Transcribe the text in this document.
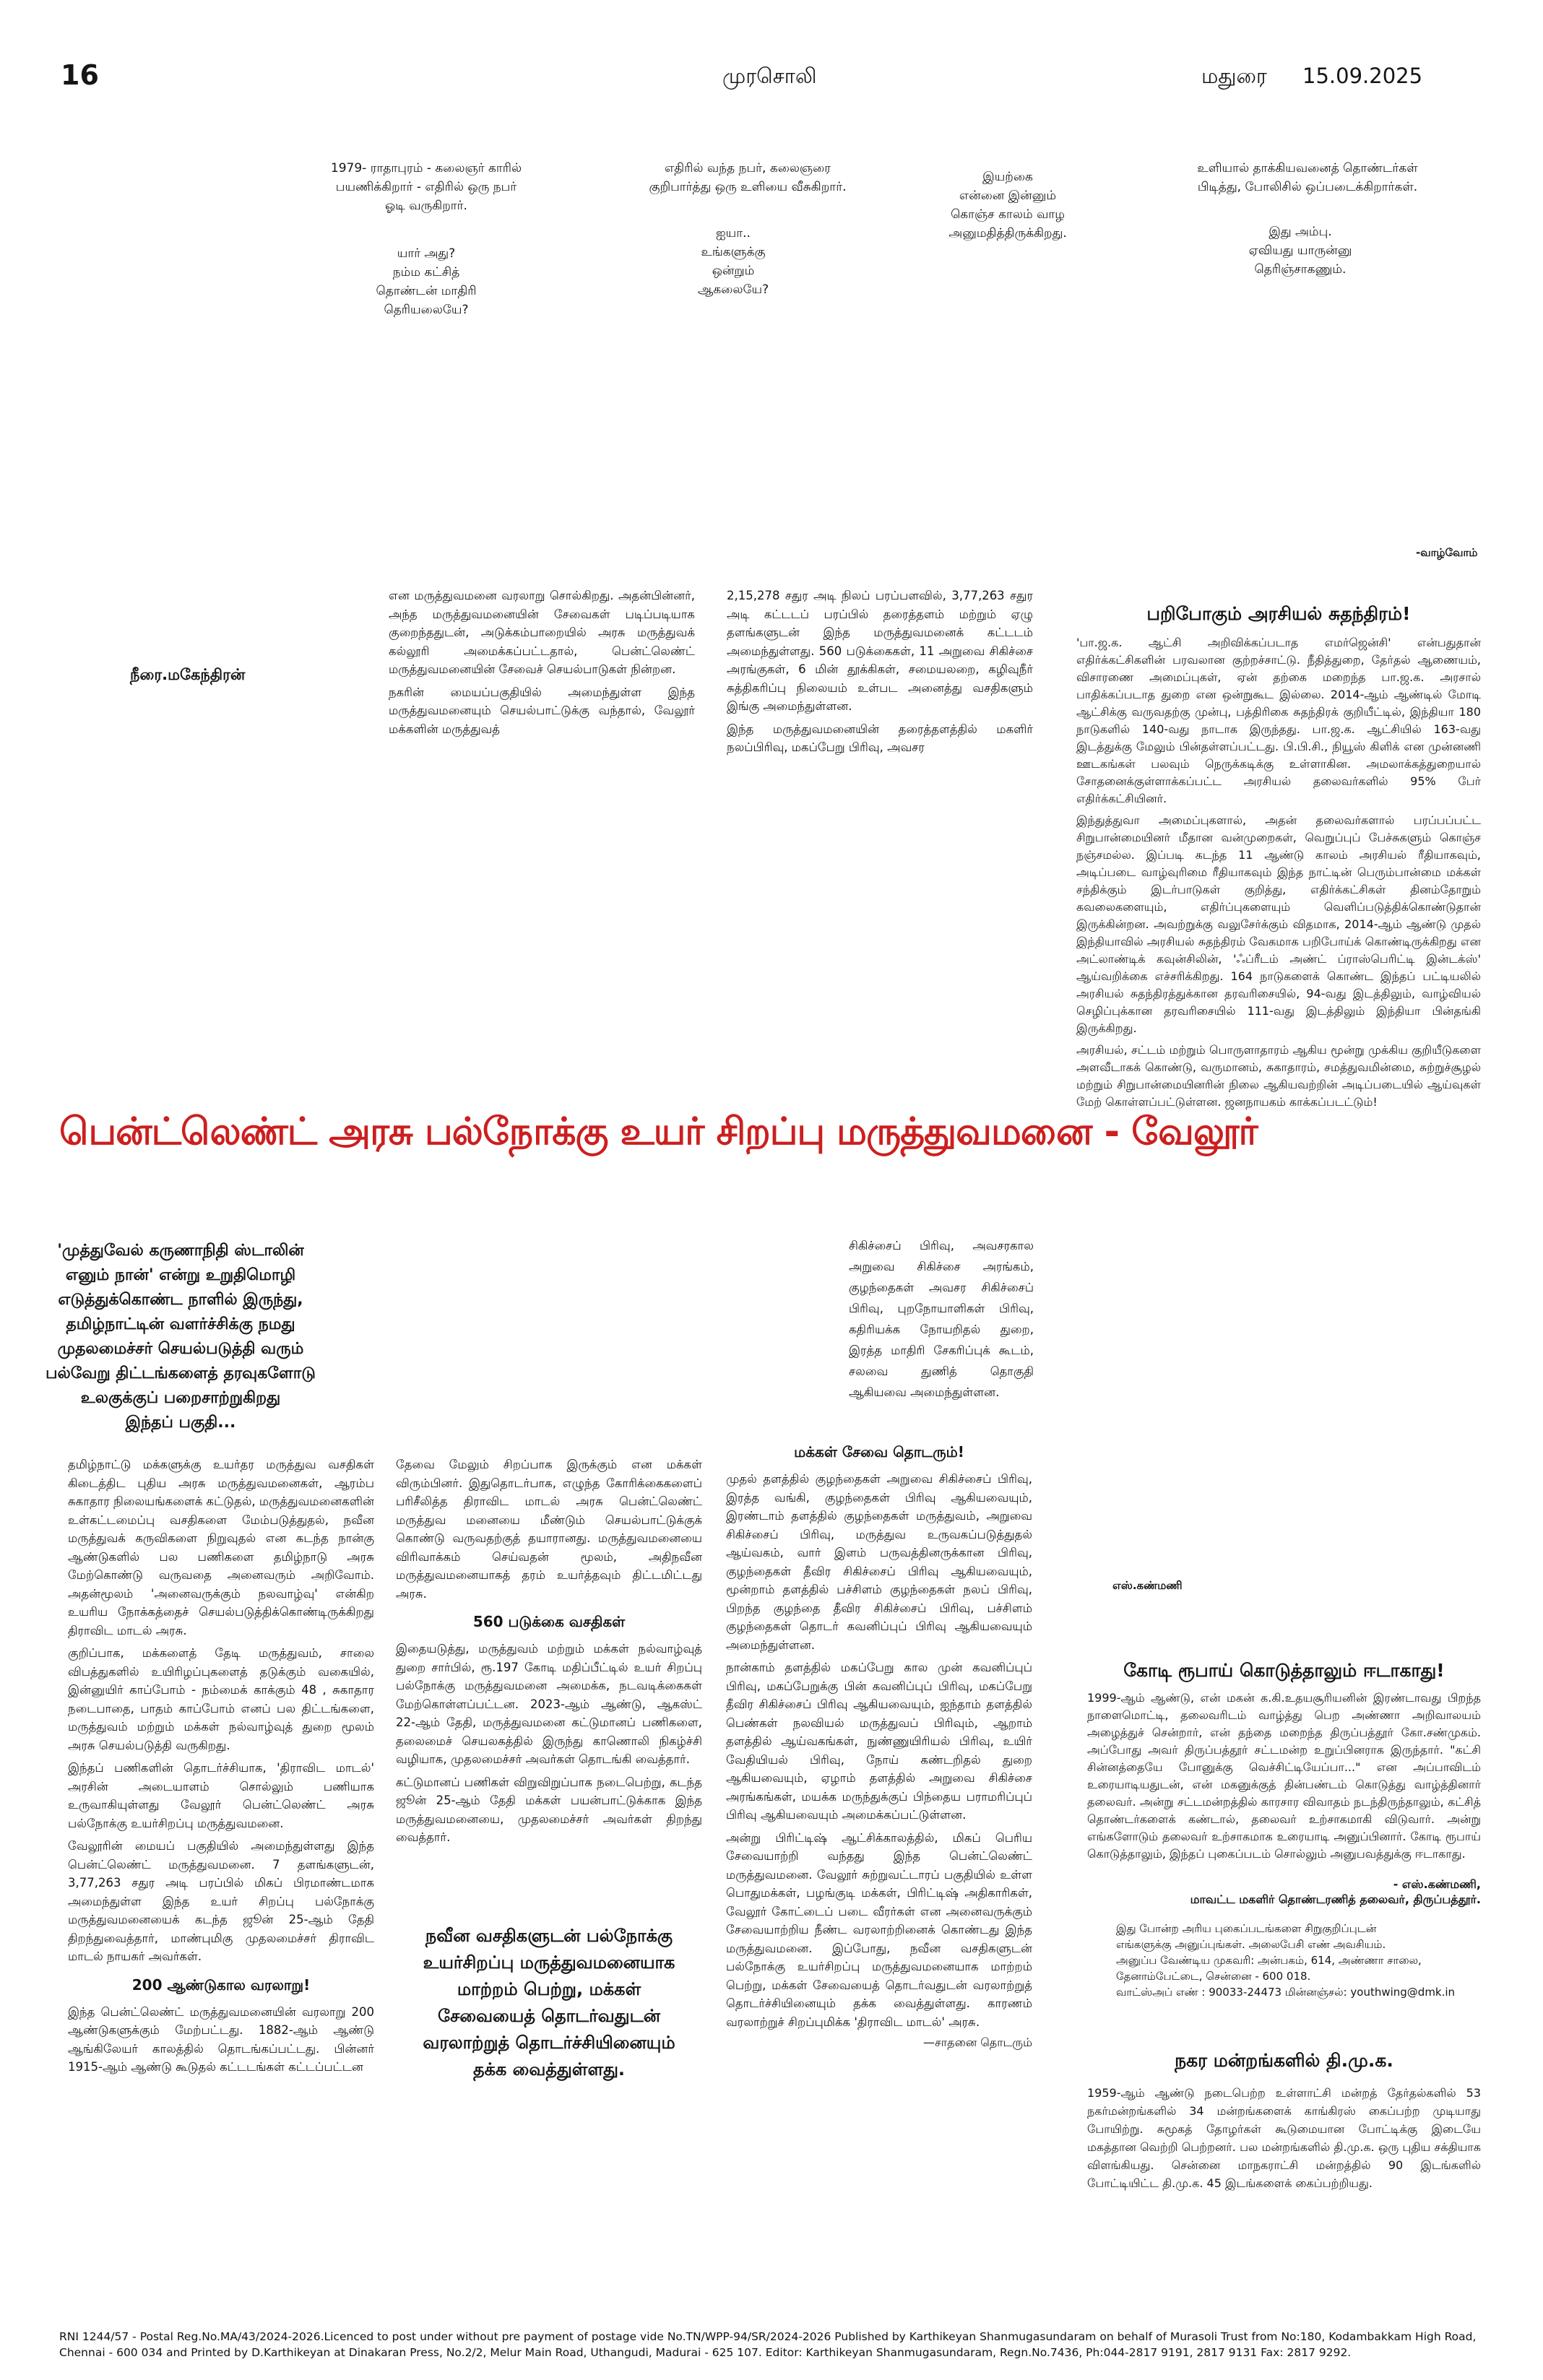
16	முரசொலி	மதுரை 15.09.2025
1979- ராதாபுரம் - கலைஞர் காரில்
பயணிக்கிறார் - எதிரில் ஒரு நபர்
ஓடி வருகிறார்.
யார் அது?
நம்ம கட்சித்
தொண்டன் மாதிரி
தெரியலையே?
எதிரில் வந்த நபர், கலைஞரை
குறிபார்த்து ஒரு உளியை வீசுகிறார்.
ஐயா..
உங்களுக்கு
ஒன்றும்
ஆகலையே?
இயற்கை
என்னை இன்னும்
கொஞ்ச காலம் வாழ
அனுமதித்திருக்கிறது.
உளியால் தாக்கியவனைத் தொண்டர்கள்
பிடித்து, போலிசில் ஒப்படைக்கிறார்கள்.
இது அம்பு.
ஏவியது யாருன்னு
தெரிஞ்சாகணும்.
-வாழ்வோம்
நீரை.மகேந்திரன்

என மருத்துவமனை வரலாறு சொல்கிறது. அதன்பின்னர், அந்த மருத்துவமனையின் சேவைகள் படிப்படியாக குறைந்ததுடன், அடுக்கம்பாறையில் அரசு மருத்துவக் கல்லூரி அமைக்கப்பட்டதால், பென்ட்லெண்ட் மருத்துவமனையின் சேவைச் செயல்பாடுகள் நின்றன.

நகரின் மையப்பகுதியில் அமைந்துள்ள இந்த மருத்துவமனையும் செயல்பாட்டுக்கு வந்தால், வேலூர் மக்களின் மருத்துவத்

2,15,278 சதுர அடி நிலப் பரப்பளவில், 3,77,263 சதுர அடி கட்டடப் பரப்பில் தரைத்தளம் மற்றும் ஏழு தளங்களுடன் இந்த மருத்துவமனைக் கட்டடம் அமைந்துள்ளது. 560 படுக்கைகள், 11 அறுவை சிகிச்சை அரங்குகள், 6 மின் தூக்கிகள், சமையலறை, கழிவுநீர் சுத்திகரிப்பு நிலையம் உள்பட அனைத்து வசதிகளும் இங்கு அமைந்துள்ளன.

இந்த மருத்துவமனையின் தரைத்தளத்தில் மகளிர் நலப்பிரிவு, மகப்பேறு பிரிவு, அவசர

பென்ட்லெண்ட் அரசு பல்நோக்கு உயர் சிறப்பு மருத்துவமனை - வேலூர்
'முத்துவேல் கருணாநிதி ஸ்டாலின்
எனும் நான்' என்று உறுதிமொழி
எடுத்துக்கொண்ட நாளில் இருந்து,
தமிழ்நாட்டின் வளர்ச்சிக்கு நமது
முதலமைச்சர் செயல்படுத்தி வரும்
பல்வேறு திட்டங்களைத் தரவுகளோடு
உலகுக்குப் பறைசாற்றுகிறது
இந்தப் பகுதி...

சிகிச்சைப் பிரிவு, அவசரகால அறுவை சிகிச்சை அரங்கம், குழந்தைகள் அவசர சிகிச்சைப் பிரிவு, புறநோயாளிகள் பிரிவு, கதிரியக்க நோயறிதல் துறை, இரத்த மாதிரி சேகரிப்புக் கூடம், சலவை துணித் தொகுதி ஆகியவை அமைந்துள்ளன.

தமிழ்நாட்டு மக்களுக்கு உயர்தர மருத்துவ வசதிகள் கிடைத்திட புதிய அரசு மருத்துவமனைகள், ஆரம்ப சுகாதார நிலையங்களைக் கட்டுதல், மருத்துவமனைகளின் உள்கட்டமைப்பு வசதிகளை மேம்படுத்துதல், நவீன மருத்துவக் கருவிகளை நிறுவுதல் என கடந்த நான்கு ஆண்டுகளில் பல பணிகளை தமிழ்நாடு அரசு மேற்கொண்டு வருவதை அனைவரும் அறிவோம். அதன்மூலம் 'அனைவருக்கும் நலவாழ்வு' என்கிற உயரிய நோக்கத்தைச் செயல்படுத்திக்கொண்டிருக்கிறது திராவிட மாடல் அரசு.

குறிப்பாக, மக்களைத் தேடி மருத்துவம், சாலை விபத்துகளில் உயிரிழப்புகளைத் தடுக்கும் வகையில், இன்னுயிர் காப்போம் - நம்மைக் காக்கும் 48 , சுகாதார நடைபாதை, பாதம் காப்போம் எனப் பல திட்டங்களை, மருத்துவம் மற்றும் மக்கள் நல்வாழ்வுத் துறை மூலம் அரசு செயல்படுத்தி வருகிறது.

இந்தப் பணிகளின் தொடர்ச்சியாக, 'திராவிட மாடல்' அரசின் அடையாளம் சொல்லும் பணியாக உருவாகியுள்ளது வேலூர் பென்ட்லெண்ட் அரசு பல்நோக்கு உயர்சிறப்பு மருத்துவமனை.

வேலூரின் மையப் பகுதியில் அமைந்துள்ளது இந்த பென்ட்லெண்ட் மருத்துவமனை. 7 தளங்களுடன், 3,77,263 சதுர அடி பரப்பில் மிகப் பிரமாண்டமாக அமைந்துள்ள இந்த உயர் சிறப்பு பல்நோக்கு மருத்துவமனையைக் கடந்த ஜூன் 25-ஆம் தேதி திறந்துவைத்தார், மாண்புமிகு முதலமைச்சர் திராவிட மாடல் நாயகர் அவர்கள்.

200 ஆண்டுகால வரலாறு!

இந்த பென்ட்லெண்ட் மருத்துவமனையின் வரலாறு 200 ஆண்டுகளுக்கும் மேற்பட்டது. 1882-ஆம் ஆண்டு ஆங்கிலேயர் காலத்தில் தொடங்கப்பட்டது. பின்னர் 1915-ஆம் ஆண்டு கூடுதல் கட்டடங்கள் கட்டப்பட்டன

தேவை மேலும் சிறப்பாக இருக்கும் என மக்கள் விரும்பினர். இதுதொடர்பாக, எழுந்த கோரிக்கைகளைப் பரிசீலித்த திராவிட மாடல் அரசு பென்ட்லெண்ட் மருத்துவ மனையை மீண்டும் செயல்பாட்டுக்குக் கொண்டு வருவதற்குத் தயாரானது. மருத்துவமனையை விரிவாக்கம் செய்வதன் மூலம், அதிநவீன மருத்துவமனையாகத் தரம் உயர்த்தவும் திட்டமிட்டது அரசு.

560 படுக்கை வசதிகள்

இதையடுத்து, மருத்துவம் மற்றும் மக்கள் நல்வாழ்வுத் துறை சார்பில், ரூ.197 கோடி மதிப்பீட்டில் உயர் சிறப்பு பல்நோக்கு மருத்துவமனை அமைக்க, நடவடிக்கைகள் மேற்கொள்ளப்பட்டன. 2023-ஆம் ஆண்டு, ஆகஸ்ட் 22-ஆம் தேதி, மருத்துவமனை கட்டுமானப் பணிகளை, தலைமைச் செயலகத்தில் இருந்து காணொலி நிகழ்ச்சி வழியாக, முதலமைச்சர் அவர்கள் தொடங்கி வைத்தார்.

கட்டுமானப் பணிகள் விறுவிறுப்பாக நடைபெற்று, கடந்த ஜூன் 25-ஆம் தேதி மக்கள் பயன்பாட்டுக்காக இந்த மருத்துவமனையை, முதலமைச்சர் அவர்கள் திறந்து வைத்தார்.

நவீன வசதிகளுடன் பல்நோக்கு
உயர்சிறப்பு மருத்துவமனையாக
மாற்றம் பெற்று, மக்கள்
சேவையைத் தொடர்வதுடன்
வரலாற்றுத் தொடர்ச்சியினையும்
தக்க வைத்துள்ளது.
மக்கள் சேவை தொடரும்!

முதல் தளத்தில் குழந்தைகள் அறுவை சிகிச்சைப் பிரிவு, இரத்த வங்கி, குழந்தைகள் பிரிவு ஆகியவையும், இரண்டாம் தளத்தில் குழந்தைகள் மருத்துவம், அறுவை சிகிச்சைப் பிரிவு, மருத்துவ உருவகப்படுத்துதல் ஆய்வகம், வார் இளம் பருவத்தினருக்கான பிரிவு, குழந்தைகள் தீவிர சிகிச்சைப் பிரிவு ஆகியவையும், மூன்றாம் தளத்தில் பச்சிளம் குழந்தைகள் நலப் பிரிவு, பிறந்த குழந்தை தீவிர சிகிச்சைப் பிரிவு, பச்சிளம் குழந்தைகள் தொடர் கவனிப்புப் பிரிவு ஆகியவையும் அமைந்துள்ளன.

நான்காம் தளத்தில் மகப்பேறு கால முன் கவனிப்புப் பிரிவு, மகப்பேறுக்கு பின் கவனிப்புப் பிரிவு, மகப்பேறு தீவிர சிகிச்சைப் பிரிவு ஆகியவையும், ஐந்தாம் தளத்தில் பெண்கள் நலவியல் மருத்துவப் பிரிவும், ஆறாம் தளத்தில் ஆய்வகங்கள், நுண்ணுயிரியல் பிரிவு, உயிர் வேதியியல் பிரிவு, நோய் கண்டறிதல் துறை ஆகியவையும், ஏழாம் தளத்தில் அறுவை சிகிச்சை அரங்கங்கள், மயக்க மருந்துக்குப் பிந்தைய பராமரிப்புப் பிரிவு ஆகியவையும் அமைக்கப்பட்டுள்ளன.

அன்று பிரிட்டிஷ் ஆட்சிக்காலத்தில், மிகப் பெரிய சேவையாற்றி வந்தது இந்த பென்ட்லெண்ட் மருத்துவமனை. வேலூர் சுற்றுவட்டாரப் பகுதியில் உள்ள பொதுமக்கள், பழங்குடி மக்கள், பிரிட்டிஷ் அதிகாரிகள், வேலூர் கோட்டைப் படை வீரர்கள் என அனைவருக்கும் சேவையாற்றிய நீண்ட வரலாற்றினைக் கொண்டது இந்த மருத்துவமனை. இப்போது, நவீன வசதிகளுடன் பல்நோக்கு உயர்சிறப்பு மருத்துவமனையாக மாற்றம் பெற்று, மக்கள் சேவையைத் தொடர்வதுடன் வரலாற்றுத் தொடர்ச்சியினையும் தக்க வைத்துள்ளது. காரணம் வரலாற்றுச் சிறப்புமிக்க 'திராவிட மாடல்' அரசு.

—சாதனை தொடரும்
பறிபோகும் அரசியல் சுதந்திரம்!

'பா.ஜ.க. ஆட்சி அறிவிக்கப்படாத எமர்ஜென்சி' என்பதுதான் எதிர்க்கட்சிகளின் பரவலான குற்றச்சாட்டு. நீதித்துறை, தேர்தல் ஆணையம், விசாரணை அமைப்புகள், ஏன் தற்கை மறைந்த பா.ஜ.க. அரசால் பாதிக்கப்படாத துறை என ஒன்றுகூட இல்லை. 2014-ஆம் ஆண்டில் மோடி ஆட்சிக்கு வருவதற்கு முன்பு, பத்திரிகை சுதந்திரக் குறியீட்டில், இந்தியா 180 நாடுகளில் 140-வது நாடாக இருந்தது. பா.ஜ.க. ஆட்சியில் 163-வது இடத்துக்கு மேலும் பின்தள்ளப்பட்டது. பி.பி.சி., நியூஸ் கிளிக் என முன்னணி ஊடகங்கள் பலவும் நெருக்கடிக்கு உள்ளாகின. அமலாக்கத்துறையால் சோதனைக்குள்ளாக்கப்பட்ட அரசியல் தலைவர்களில் 95% பேர் எதிர்க்கட்சியினர்.

இந்துத்துவா அமைப்புகளால், அதன் தலைவர்களால் பரப்பப்பட்ட சிறுபான்மையினர் மீதான வன்முறைகள், வெறுப்புப் பேச்சுகளும் கொஞ்ச நஞ்சமல்ல. இப்படி கடந்த 11 ஆண்டு காலம் அரசியல் ரீதியாகவும், அடிப்படை வாழ்வுரிமை ரீதியாகவும் இந்த நாட்டின் பெரும்பான்மை மக்கள் சந்திக்கும் இடர்பாடுகள் குறித்து, எதிர்க்கட்சிகள் தினம்தோறும் கவலைகளையும், எதிர்ப்புகளையும் வெளிப்படுத்திக்கொண்டுதான் இருக்கின்றன. அவற்றுக்கு வலுசேர்க்கும் விதமாக, 2014-ஆம் ஆண்டு முதல் இந்தியாவில் அரசியல் சுதந்திரம் வேகமாக பறிபோய்க் கொண்டிருக்கிறது என அட்லாண்டிக் கவுன்சிலின், 'ஃப்ரீடம் அண்ட் ப்ராஸ்பெரிட்டி இன்டக்ஸ்' ஆய்வறிக்கை எச்சரிக்கிறது. 164 நாடுகளைக் கொண்ட இந்தப் பட்டியலில் அரசியல் சுதந்திரத்துக்கான தரவரிசையில், 94-வது இடத்திலும், வாழ்வியல் செழிப்புக்கான தரவரிசையில் 111-வது இடத்திலும் இந்தியா பின்தங்கி இருக்கிறது.

அரசியல், சட்டம் மற்றும் பொருளாதாரம் ஆகிய மூன்று முக்கிய குறியீடுகளை அளவீடாகக் கொண்டு, வருமானம், சுகாதாரம், சமத்துவமின்மை, சுற்றுச்சூழல் மற்றும் சிறுபான்மையினரின் நிலை ஆகியவற்றின் அடிப்படையில் ஆய்வுகள் மேற் கொள்ளப்பட்டுள்ளன. ஜனநாயகம் காக்கப்படட்டும்!

எஸ்.கண்மணி
கோடி ரூபாய் கொடுத்தாலும் ஈடாகாது!

1999-ஆம் ஆண்டு, என் மகன் க.கி.உதயசூரியனின் இரண்டாவது பிறந்த நாளைமொட்டி, தலைவரிடம் வாழ்த்து பெற அண்ணா அறிவாலயம் அழைத்துச் சென்றார், என் தந்தை மறைந்த திருப்பத்தூர் கோ.சண்முகம். அப்போது அவர் திருப்பத்தூர் சட்டமன்ற உறுப்பினராக இருந்தார். "கட்சி சின்னத்தையே போனுக்கு வெச்சிட்டியேப்பா..." என அப்பாவிடம் உரையாடியதுடன், என் மகனுக்குத் தின்பண்டம் கொடுத்து வாழ்த்தினார் தலைவர். அன்று சட்டமன்றத்தில் காரசார விவாதம் நடந்திருந்தாலும், கட்சித் தொண்டர்களைக் கண்டால், தலைவர் உற்சாகமாகி விடுவார். அன்று எங்களோடும் தலைவர் உற்சாகமாக உரையாடி அனுப்பினார். கோடி ரூபாய் கொடுத்தாலும், இந்தப் புகைப்படம் சொல்லும் அனுபவத்துக்கு ஈடாகாது.

- எஸ்.கண்மணி,
மாவட்ட மகளிர் தொண்டரணித் தலைவர், திருப்பத்தூர்.
இது போன்ற அரிய புகைப்படங்களை சிறுகுறிப்புடன்
எங்களுக்கு அனுப்புங்கள். அலைபேசி எண் அவசியம்.
அனுப்ப வேண்டிய முகவரி: அன்பகம், 614, அண்ணா சாலை,
தேனாம்பேட்டை, சென்னை - 600 018.
வாட்ஸ்அப் எண் : 90033-24473 மின்னஞ்சல்: youthwing@dmk.in
நகர மன்றங்களில் தி.மு.க.

1959-ஆம் ஆண்டு நடைபெற்ற உள்ளாட்சி மன்றத் தேர்தல்களில் 53 நகர்மன்றங்களில் 34 மன்றங்களைக் காங்கிரஸ் கைப்பற்ற முடியாது போயிற்று. சுமூகத் தோழர்கள் கூடுமையான போட்டிக்கு இடையே மகத்தான வெற்றி பெற்றனர். பல மன்றங்களில் தி.மு.க. ஒரு புதிய சக்தியாக விளங்கியது. சென்னை மாநகராட்சி மன்றத்தில் 90 இடங்களில் போட்டியிட்ட தி.மு.க. 45 இடங்களைக் கைப்பற்றியது.

RNI 1244/57 - Postal Reg.No.MA/43/2024-2026.Licenced to post under without pre payment of postage vide No.TN/WPP-94/SR/2024-2026 Published by Karthikeyan Shanmugasundaram on behalf of Murasoli Trust from No:180, Kodambakkam High Road, Chennai - 600 034 and Printed by D.Karthikeyan at Dinakaran Press, No.2/2, Melur Main Road, Uthangudi, Madurai - 625 107. Editor: Karthikeyan Shanmugasundaram, Regn.No.7436, Ph:044-2817 9191, 2817 9131 Fax: 2817 9292.
